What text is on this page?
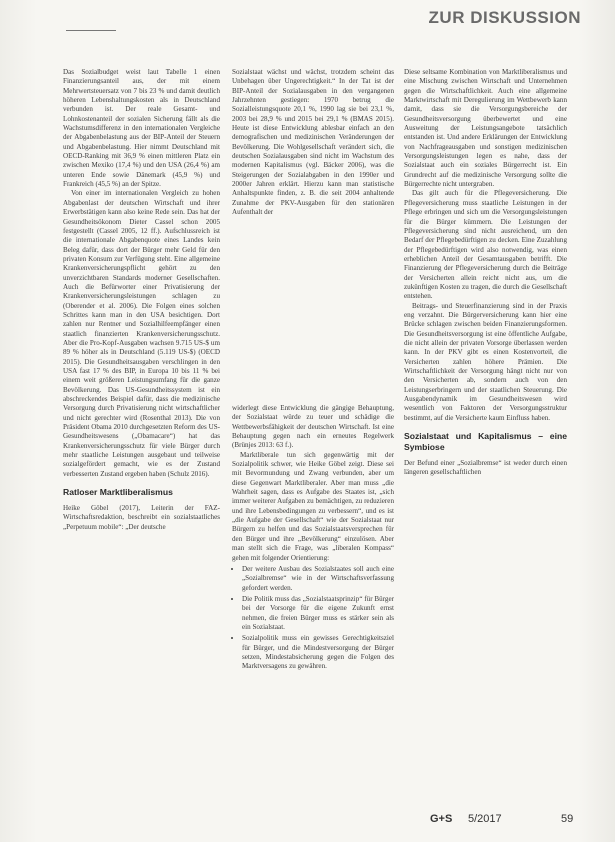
ZUR DISKUSSION

Das Sozialbudget weist laut Tabelle 1 einen Finanzierungsanteil aus, der mit einem Mehrwertsteuersatz von 7 bis 23 % und damit deutlich höheren Lebenshaltungskosten als in Deutschland verbunden ist. Der reale Gesamt- und Lohnkostenanteil der sozialen Sicherung fällt als die Wachstumsdifferenz in den internationalen Vergleiche der Abgabenbelastung aus der BIP-Anteil der Steuern und Abgabenbelastung. Hier nimmt Deutschland mit OECD-Ranking mit 36,9 % einen mittleren Platz ein zwischen Mexiko (17,4 %) und den USA (26,4 %) am unteren Ende sowie Dänemark (45,9 %) und Frankreich (45,5 %) an der Spitze.

Von einer im internationalen Vergleich zu hohen Abgabenlast der deutschen Wirtschaft und ihrer Erwerbstätigen kann also keine Rede sein. Das hat der Gesundheitsökonom Dieter Cassel schon 2005 festgestellt (Cassel 2005, 12 ff.). Aufschlussreich ist die internationale Abgabenquote eines Landes kein Beleg dafür, dass dort der Bürger mehr Geld für den privaten Konsum zur Verfügung steht. Eine allgemeine Krankenversicherungspflicht gehört zu den unverzichtbaren Standards moderner Gesellschaften. Auch die Befürworter einer Privatisierung der Krankenversicherungsleistungen schlagen zu (Oberender et al. 2006). Die Folgen eines solchen Schrittes kann man in den USA besichtigen. Dort zahlen nur Rentner und Sozialhilfeempfänger einen staatlich finanzierten Krankenversicherungsschutz. Aber die Pro-Kopf-Ausgaben wachsen 9.715 US-$ um 89 % höher als in Deutschland (5.119 US-$) (OECD 2015). Die Gesundheitsausgaben verschlingen in den USA fast 17 % des BIP, in Europa 10 bis 11 % bei einem weit größeren Leistungsumfang für die ganze Bevölkerung. Das US-Gesundheitssystem ist ein abschreckendes Beispiel dafür, dass die medizinische Versorgung durch Privatisierung nicht wirtschaftlicher und nicht gerechter wird (Rosenthal 2013). Die von Präsident Obama 2010 durchgesetzten Reform des US-Gesundheitswesens („Obamacare“) hat das Krankenversicherungsschutz für viele Bürger durch mehr staatliche Leistungen ausgebaut und teilweise sozialgefördert gemacht, wie es der Zustand verbesserten Zustand ergeben haben (Schulz 2016).

Ratloser Marktliberalismus

Heike Göbel (2017), Leiterin der FAZ-Wirtschaftsredaktion, beschreibt ein sozialstaatliches „Perpetuum mobile“: „Der deutsche

Sozialstaat wächst und wächst, trotzdem scheint das Unbehagen über Ungerechtigkeit.“ In der Tat ist der BIP-Anteil der Sozialausgaben in den vergangenen Jahrzehnten gestiegen: 1970 betrug die Sozialleistungsquote 20,1 %, 1990 lag sie bei 23,1 %, 2003 bei 28,9 % und 2015 bei 29,1 % (BMAS 2015). Heute ist diese Entwicklung ablesbar einfach an den demografischen und medizinischen Veränderungen der Bevölkerung. Die Wohlgesellschaft verändert sich, die deutschen Sozialausgaben sind nicht im Wachstum des modernen Kapitalismus (vgl. Bäcker 2006), was die Steigerungen der Sozialabgaben in den 1990er und 2000er Jahren erklärt. Hierzu kann man statistische Anhaltspunkte finden, z. B. die seit 2004 anhaltende Zunahme der PKV-Ausgaben für den stationären Aufenthalt der

widerlegt diese Entwicklung die gängige Behauptung, der Sozialstaat würde zu teuer und schädige die Wettbewerbsfähigkeit der deutschen Wirtschaft. Ist eine Behauptung gegen nach ein erneutes Regelwerk (Brünjes 2013: 63 f.).

Marktliberale tun sich gegenwärtig mit der Sozialpolitik schwer, wie Heike Göbel zeigt. Diese sei mit Bevormundung und Zwang verbunden, aber um diese Gegenwart Marktliberaler. Aber man muss „die Wahrheit sagen, dass es Aufgabe des Staates ist, „sich immer weiterer Aufgaben zu bemächtigen, zu reduzieren und ihre Lebensbedingungen zu verbessern“, und es ist „die Aufgabe der Gesellschaft“ wie der Sozialstaat nur Bürgern zu helfen und das Sozialstaatsversprechen für den Bürger und ihre „Bevölkerung“ einzulösen. Aber man stellt sich die Frage, was „liberalen Kompass“ gehen mit folgender Orientierung:

• Der weitere Ausbau des Sozialstaates soll auch eine „Sozialbremse“ wie in der Wirtschaftsverfassung gefordert werden.
• Die Politik muss das „Sozialstaatsprinzip“ für Bürger bei der Vorsorge für die eigene Zukunft ernst nehmen, die freien Bürger muss es stärker sein als ein Sozialstaat.
• Sozialpolitik muss ein gewisses Gerechtigkeitsziel für Bürger, und die Mindestversorgung der Bürger setzen, Mindestabsicherung gegen die Folgen des Marktversagens zu gewähren.

Diese seltsame Kombination von Marktliberalismus und eine Mischung zwischen Wirtschaft und Unternehmen gegen die Wirtschaftlichkeit. Auch eine allgemeine Marktwirtschaft mit Deregulierung im Wettbewerb kann damit, dass sie die Versorgungsbereiche der Gesundheitsversorgung überbewertet und eine Ausweitung der Leistungsangebote tatsächlich entstanden ist. Und andere Erklärungen der Entwicklung von Nachfrageausgaben und sonstigen medizinischen Versorgungsleistungen legen es nahe, dass der Sozialstaat auch ein soziales Bürgerrecht ist. Ein Grundrecht auf die medizinische Versorgung sollte die Bürgerrechte nicht untergraben.

Das gilt auch für die Pflegeversicherung. Die Pflegeversicherung muss staatliche Leistungen in der Pflege erbringen und sich um die Versorgungsleistungen für die Bürger kümmern. Die Leistungen der Pflegeversicherung sind nicht ausreichend, um den Bedarf der Pflegebedürftigen zu decken. Eine Zuzahlung der Pflegebedürftigen wird also notwendig, was einen erheblichen Anteil der Gesamtausgaben betrifft. Die Finanzierung der Pflegeversicherung durch die Beiträge der Versicherten allein reicht nicht aus, um die zukünftigen Kosten zu tragen, die durch die Gesellschaft entstehen.

Beitrags- und Steuerfinanzierung sind in der Praxis eng verzahnt. Die Bürgerversicherung kann hier eine Brücke schlagen zwischen beiden Finanzierungsformen. Die Gesundheitsversorgung ist eine öffentliche Aufgabe, die nicht allein der privaten Vorsorge überlassen werden kann. In der PKV gibt es einen Kostenvorteil, die Versicherten zahlen höhere Prämien. Die Wirtschaftlichkeit der Versorgung hängt nicht nur von den Versicherten ab, sondern auch von den Leistungserbringern und der staatlichen Steuerung. Die Ausgabendynamik im Gesundheitswesen wird wesentlich von Faktoren der Versorgungsstruktur bestimmt, auf die Versicherte kaum Einfluss haben.

Sozialstaat und Kapitalismus – eine Symbiose

Der Befund einer „Sozialbremse“ ist weder durch einen längeren gesellschaftlichen

G+S 5/2017	59
